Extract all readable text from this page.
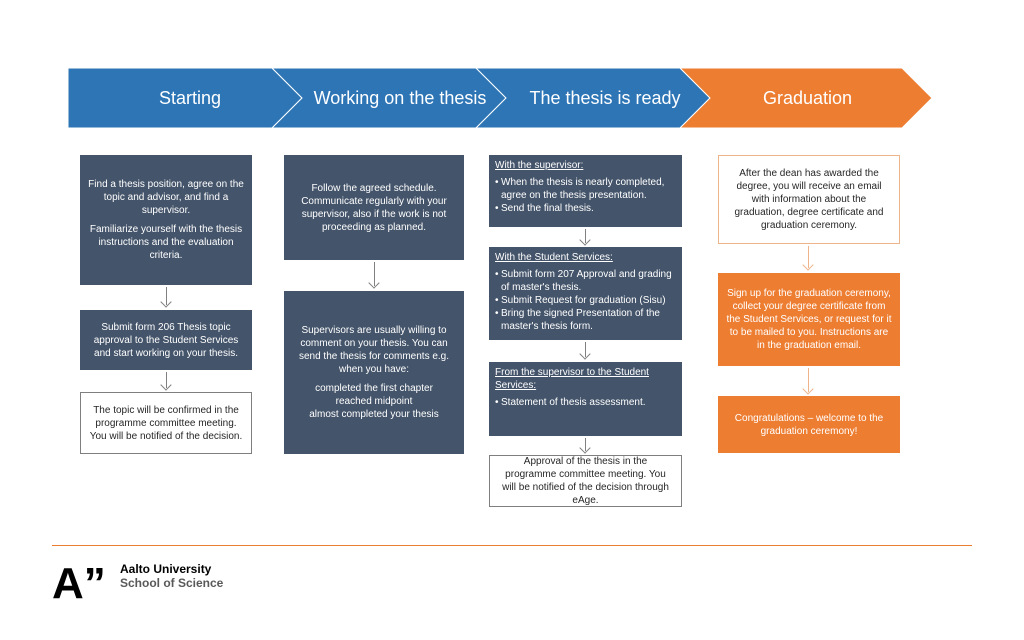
Starting	Working on the thesis	The thesis is ready	Graduation
Find a thesis position, agree on the topic and advisor, and find a supervisor.
Familiarize yourself with the thesis instructions and the evaluation criteria.
Submit form 206 Thesis topic approval to the Student Services and start working on your thesis.
The topic will be confirmed in the programme committee meeting. You will be notified of the decision.
Follow the agreed schedule. Communicate regularly with your supervisor, also if the work is not proceeding as planned.
Supervisors are usually willing to comment on your thesis. You can send the thesis for comments e.g. when you have:
completed the first chapter
reached midpoint
almost completed your thesis
With the supervisor:
• When the thesis is nearly completed, agree on the thesis presentation.
• Send the final thesis.
With the Student Services:
• Submit form 207 Approval and grading of master's thesis.
• Submit Request for graduation (Sisu)
• Bring the signed Presentation of the master's thesis form.
From the supervisor to the Student Services:
• Statement of thesis assessment.
Approval of the thesis in the programme committee meeting. You will be notified of the decision through eAge.
After the dean has awarded the degree, you will receive an email with information about the graduation, degree certificate and graduation ceremony.
Sign up for the graduation ceremony, collect your degree certificate from the Student Services, or request for it to be mailed to you. Instructions are in the graduation email.
Congratulations – welcome to the graduation ceremony!
A” Aalto University
School of Science
